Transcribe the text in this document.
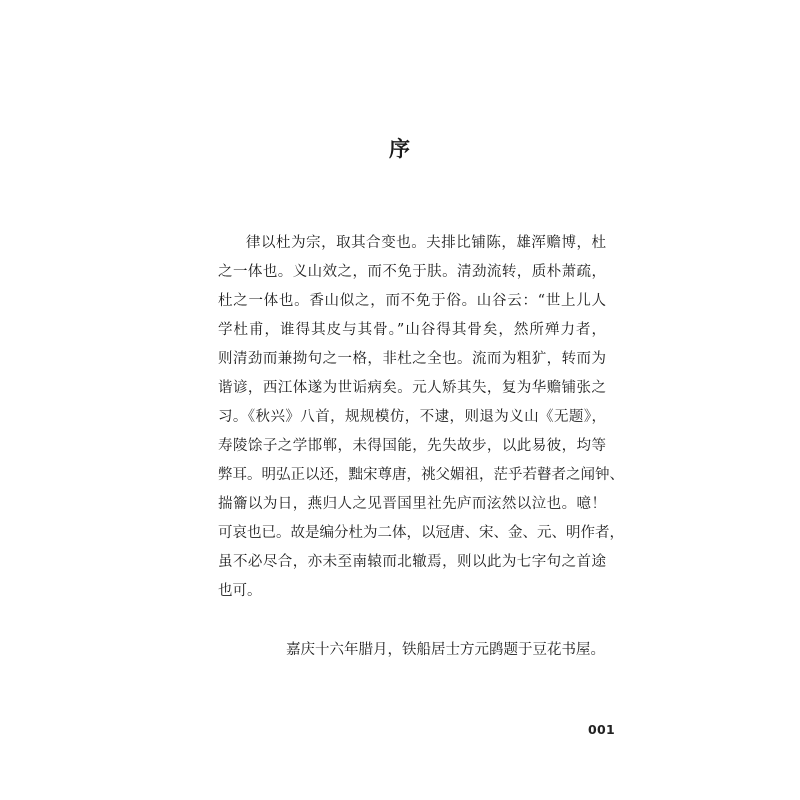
序
律以杜为宗，取其合变也。夫排比铺陈，雄浑赡博，杜
之一体也。义山效之，而不免于肤。清劲流转，质朴萧疏，
杜之一体也。香山似之，而不免于俗。山谷云：“世上儿人
学杜甫，谁得其皮与其骨。”山谷得其骨矣，然所殚力者，
则清劲而兼拗句之一格，非杜之全也。流而为粗犷，转而为
谐谚，西江体遂为世诟病矣。元人矫其失，复为华赡铺张之
习。《秋兴》八首，规规模仿，不逮，则退为义山《无题》，
寿陵馀子之学邯郸，未得国能，先失故步，以此易彼，均等
弊耳。明弘正以还，黜宋尊唐，祧父媚祖，茫乎若瞽者之闻钟、
揣籥以为日，燕归人之见晋国里社先庐而泫然以泣也。噫！
可哀也已。故是编分杜为二体，以冠唐、宋、金、元、明作者，
虽不必尽合，亦未至南辕而北辙焉，则以此为七字句之首途
也可。
嘉庆十六年腊月，铁船居士方元鹍题于豆花书屋。
001
